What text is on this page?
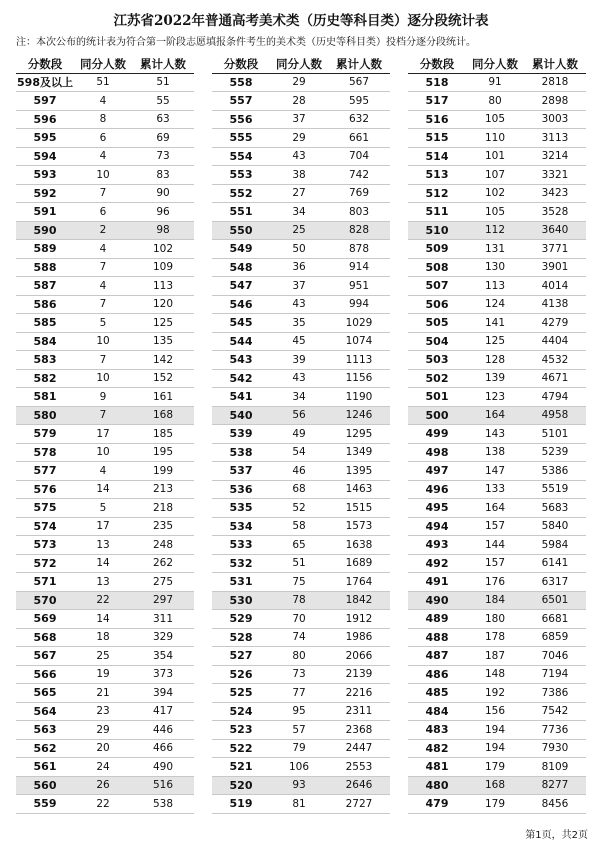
江苏省2022年普通高考美术类（历史等科目类）逐分段统计表
注：本次公布的统计表为符合第一阶段志愿填报条件考生的美术类（历史等科目类）投档分逐分段统计。
分数段	同分人数	累计人数
598及以上	51	51
597	4	55
596	8	63
595	6	69
594	4	73
593	10	83
592	7	90
591	6	96
590	2	98
589	4	102
588	7	109
587	4	113
586	7	120
585	5	125
584	10	135
583	7	142
582	10	152
581	9	161
580	7	168
579	17	185
578	10	195
577	4	199
576	14	213
575	5	218
574	17	235
573	13	248
572	14	262
571	13	275
570	22	297
569	14	311
568	18	329
567	25	354
566	19	373
565	21	394
564	23	417
563	29	446
562	20	466
561	24	490
560	26	516
559	22	538
分数段	同分人数	累计人数
558	29	567
557	28	595
556	37	632
555	29	661
554	43	704
553	38	742
552	27	769
551	34	803
550	25	828
549	50	878
548	36	914
547	37	951
546	43	994
545	35	1029
544	45	1074
543	39	1113
542	43	1156
541	34	1190
540	56	1246
539	49	1295
538	54	1349
537	46	1395
536	68	1463
535	52	1515
534	58	1573
533	65	1638
532	51	1689
531	75	1764
530	78	1842
529	70	1912
528	74	1986
527	80	2066
526	73	2139
525	77	2216
524	95	2311
523	57	2368
522	79	2447
521	106	2553
520	93	2646
519	81	2727
分数段	同分人数	累计人数
518	91	2818
517	80	2898
516	105	3003
515	110	3113
514	101	3214
513	107	3321
512	102	3423
511	105	3528
510	112	3640
509	131	3771
508	130	3901
507	113	4014
506	124	4138
505	141	4279
504	125	4404
503	128	4532
502	139	4671
501	123	4794
500	164	4958
499	143	5101
498	138	5239
497	147	5386
496	133	5519
495	164	5683
494	157	5840
493	144	5984
492	157	6141
491	176	6317
490	184	6501
489	180	6681
488	178	6859
487	187	7046
486	148	7194
485	192	7386
484	156	7542
483	194	7736
482	194	7930
481	179	8109
480	168	8277
479	179	8456
第1页，共2页
